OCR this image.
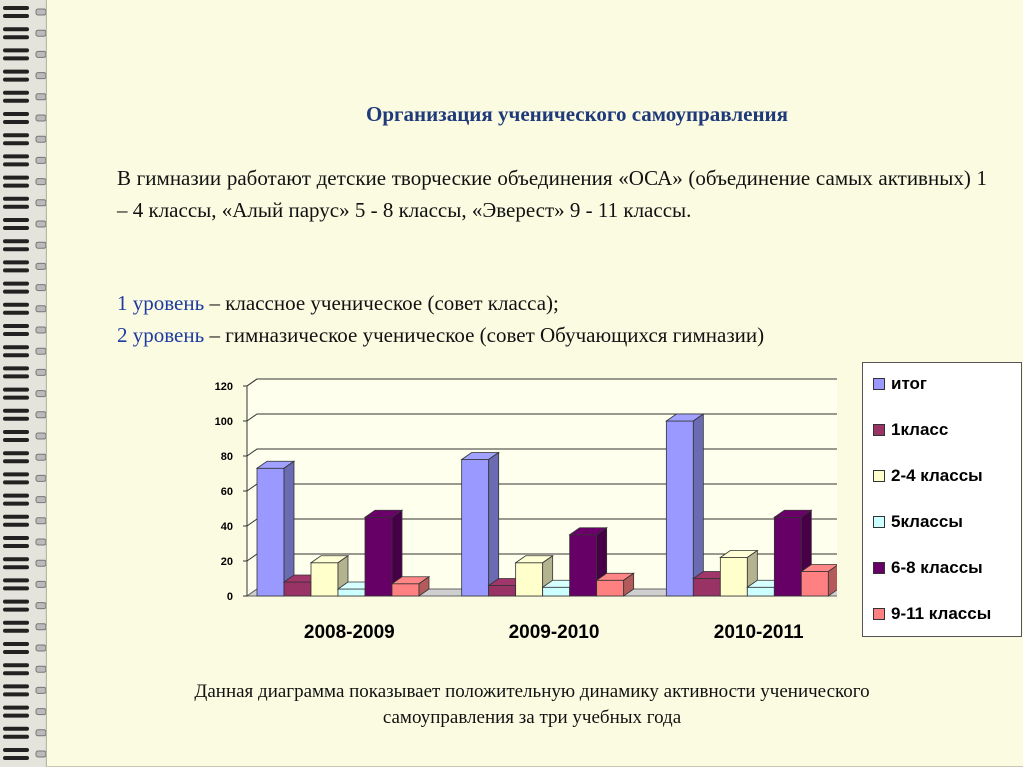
Организация ученического самоуправления

В гимназии работают детские творческие объединения «ОСА» (объединение самых активных) 1 – 4 классы, «Алый парус» 5 - 8 классы, «Эверест» 9 - 11 классы.

1 уровень – классное ученическое (совет класса);
2 уровень – гимназическое ученическое (совет Обучающихся гимназии)
0
20
40
60
80
100
120
2008-2009	2009-2010	2010-2011
итог
1класс
2-4 классы
5классы
6-8 классы
9-11 классы

Данная диаграмма показывает положительную динамику активности ученического
самоуправления за три учебных года
